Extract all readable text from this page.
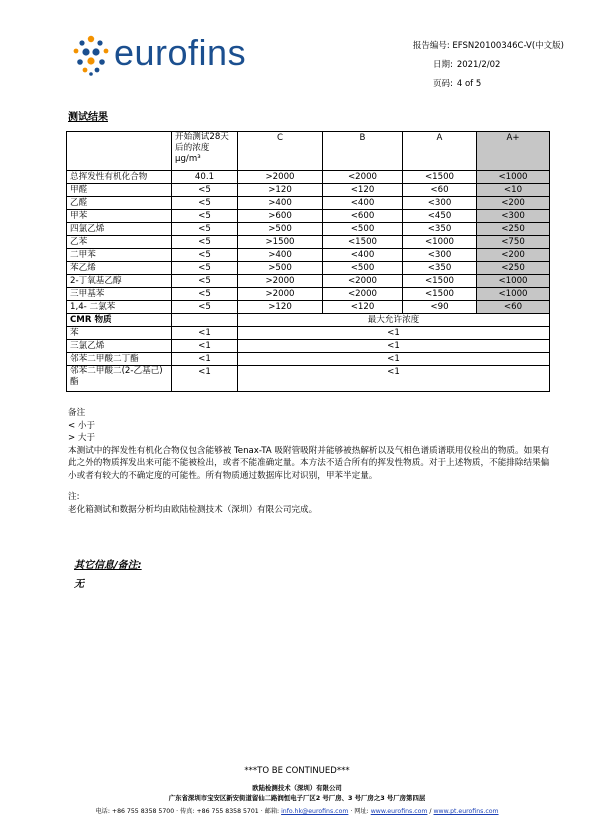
eurofins	报告编号: EFSN20100346C-V(中文版)
日期: 2021/2/02
页码: 4 of 5
测试结果
	开始测试28天后的浓度 μg/m³	C	B	A	A+
总挥发性有机化合物	40.1	>2000	<2000	<1500	<1000
甲醛	<5	>120	<120	<60	<10
乙醛	<5	>400	<400	<300	<200
甲苯	<5	>600	<600	<450	<300
四氯乙烯	<5	>500	<500	<350	<250
乙苯	<5	>1500	<1500	<1000	<750
二甲苯	<5	>400	<400	<300	<200
苯乙烯	<5	>500	<500	<350	<250
2-丁氧基乙醇	<5	>2000	<2000	<1500	<1000
三甲基苯	<5	>2000	<2000	<1500	<1000
1,4- 二氯苯	<5	>120	<120	<90	<60
CMR 物质		最大允许浓度			
苯	<1	<1			
三氯乙烯	<1	<1			
邻苯二甲酸二丁酯	<1	<1			
邻苯二甲酸二(2-乙基己)酯	<1	<1			

备注

< 小于

> 大于

本测试中的挥发性有机化合物仪包含能够被 Tenax-TA 吸附管吸附并能够被热解析以及气相色谱质谱联用仪检出的物质。如果有此之外的物质挥发出来可能不能被检出，或者不能准确定量。本方法不适合所有的挥发性物质。对于上述物质，不能排除结果偏小或者有较大的不确定度的可能性。所有物质通过数据库比对识别，甲苯半定量。

注:

老化箱测试和数据分析均由欧陆检测技术（深圳）有限公司完成。

其它信息/备注:
无
***TO BE CONTINUED***
欧陆检测技术（深圳）有限公司
广东省深圳市宝安区新安街道留仙二路润恒电子厂区2 号厂房、3 号厂房之3 号厂房第四层
电话: +86 755 8358 5700 · 传真: +86 755 8358 5701 · 邮箱: info.hk@eurofins.com · 网址: www.eurofins.com / www.pt.eurofins.com
